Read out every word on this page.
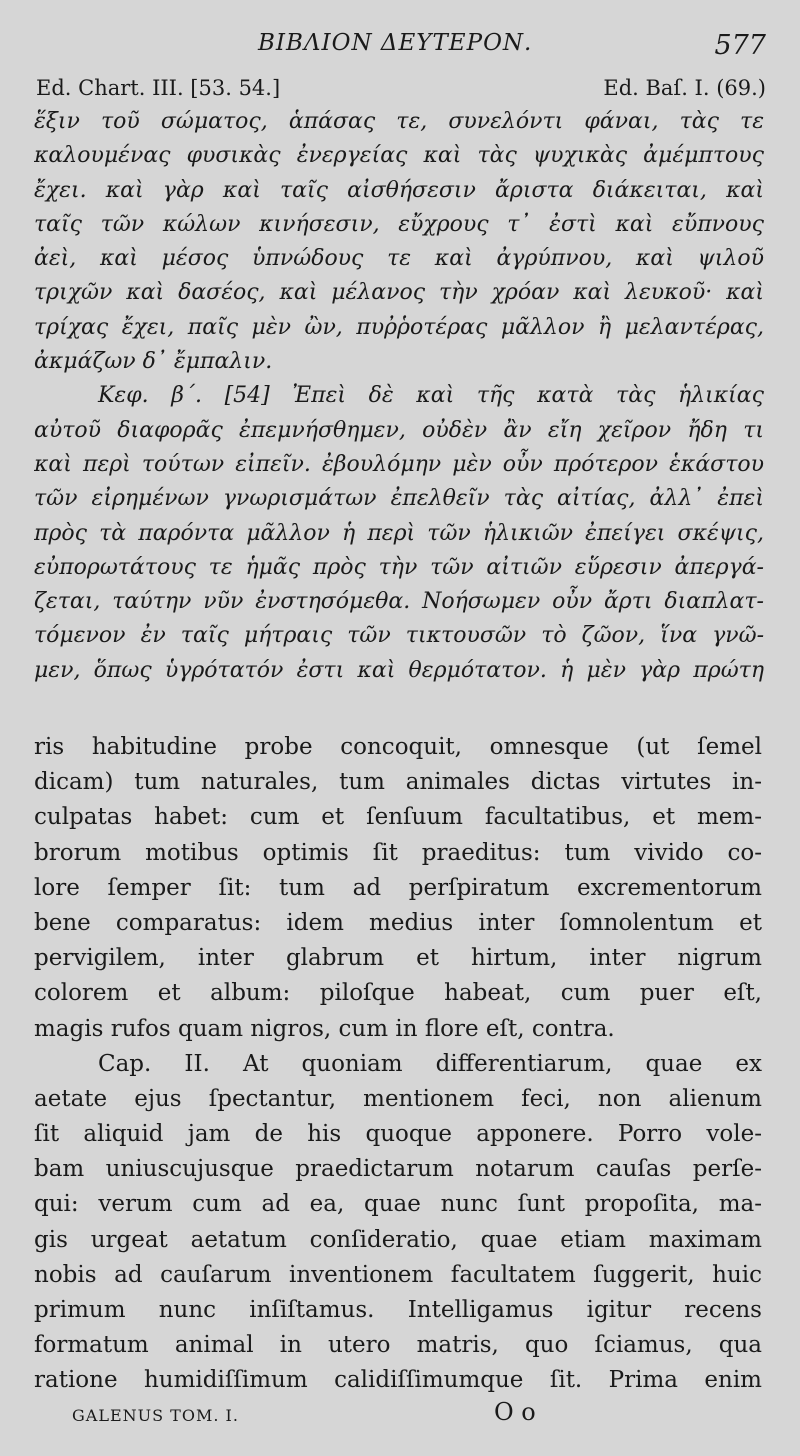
ΒΙΒΛΙΟΝ ΔΕΥΤΕΡΟΝ.	577
Ed. Chart. III. [53. 54.]	Ed. Baſ. I. (69.)
ἕξιν τοῦ σώματος, ἁπάσας τε, συνελόντι φάναι, τὰς τε
καλουμένας φυσικὰς ἐνεργείας καὶ τὰς ψυχικὰς ἀμέμπτους
ἔχει. καὶ γὰρ καὶ ταῖς αἰσθήσεσιν ἄριστα διάκειται, καὶ
ταῖς τῶν κώλων κινήσεσιν, εὔχρους τ᾽ ἐστὶ καὶ εὔπνους
ἀεὶ, καὶ μέσος ὑπνώδους τε καὶ ἀγρύπνου, καὶ ψιλοῦ
τριχῶν καὶ δασέος, καὶ μέλανος τὴν χρόαν καὶ λευκοῦ· καὶ
τρίχας ἔχει, παῖς μὲν ὢν, πυῤῥοτέρας μᾶλλον ἢ μελαντέρας,
ἀκμάζων δ᾽ ἔμπαλιν.
Κεφ. β΄. [54] Ἐπεὶ δὲ καὶ τῆς κατὰ τὰς ἡλικίας
αὐτοῦ διαφορᾶς ἐπεμνήσθημεν, οὐδὲν ἂν εἴη χεῖρον ἤδη τι
καὶ περὶ τούτων εἰπεῖν. ἐβουλόμην μὲν οὖν πρότερον ἑκάστου
τῶν εἰρημένων γνωρισμάτων ἐπελθεῖν τὰς αἰτίας, ἀλλ᾽ ἐπεὶ
πρὸς τὰ παρόντα μᾶλλον ἡ περὶ τῶν ἡλικιῶν ἐπείγει σκέψις,
εὐπορωτάτους τε ἡμᾶς πρὸς τὴν τῶν αἰτιῶν εὕρεσιν ἀπεργά-
ζεται, ταύτην νῦν ἐνστησόμεθα. Νοήσωμεν οὖν ἄρτι διαπλατ-
τόμενον ἐν ταῖς μήτραις τῶν τικτουσῶν τὸ ζῶον, ἵνα γνῶ-
μεν, ὅπως ὑγρότατόν ἐστι καὶ θερμότατον. ἡ μὲν γὰρ πρώτη
ris habitudine probe concoquit, omnesque (ut ſemel
dicam) tum naturales, tum animales dictas virtutes in-
culpatas habet: cum et ſenſuum facultatibus, et mem-
brorum motibus optimis ſit praeditus: tum vivido co-
lore ſemper ſit: tum ad perſpiratum excrementorum
bene comparatus: idem medius inter ſomnolentum et
pervigilem, inter glabrum et hirtum, inter nigrum
colorem et album: piloſque habeat, cum puer eſt,
magis rufos quam nigros, cum in flore eſt, contra.
Cap. II. At quoniam differentiarum, quae ex
aetate ejus ſpectantur, mentionem feci, non alienum
ſit aliquid jam de his quoque apponere. Porro vole-
bam uniuscujusque praedictarum notarum cauſas perſe-
qui: verum cum ad ea, quae nunc ſunt propoſita, ma-
gis urgeat aetatum conſideratio, quae etiam maximam
nobis ad cauſarum inventionem facultatem ſuggerit, huic
primum nunc inſiſtamus. Intelligamus igitur recens
formatum animal in utero matris, quo ſciamus, qua
ratione humidiſſimum calidiſſimumque ſit. Prima enim
GALENUS TOM. I.	O o
